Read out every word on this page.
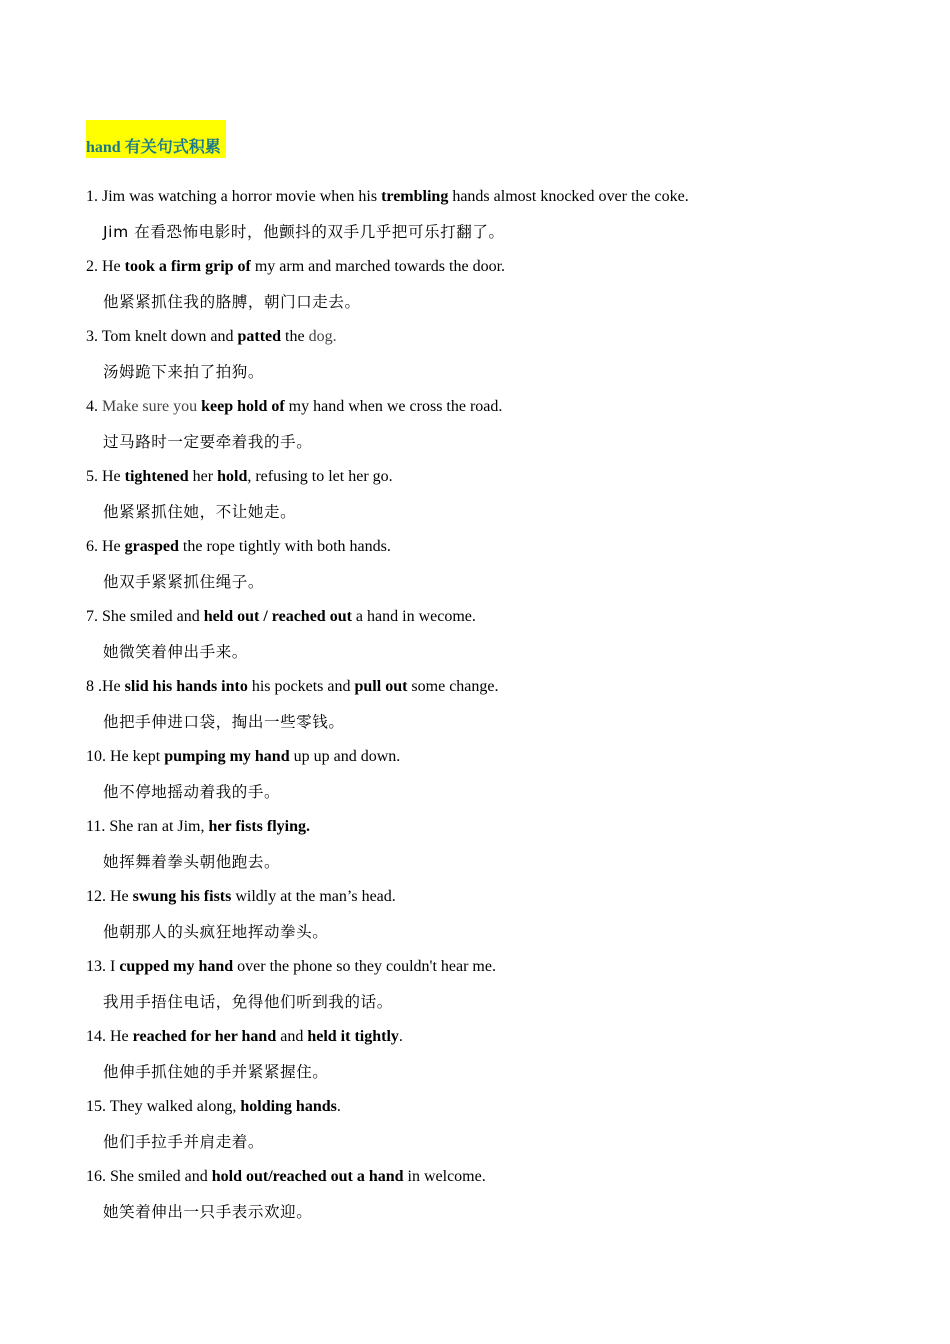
hand 有关句式积累
1. Jim was watching a horror movie when his trembling hands almost knocked over the coke.
Jim 在看恐怖电影时，他颤抖的双手几乎把可乐打翻了。
2. He took a firm grip of my arm and marched towards the door.
他紧紧抓住我的胳膊，朝门口走去。
3. Tom knelt down and patted the dog.
汤姆跪下来拍了拍狗。
4. Make sure you keep hold of my hand when we cross the road.
过马路时一定要牵着我的手。
5. He tightened her hold, refusing to let her go.
他紧紧抓住她，不让她走。
6. He grasped the rope tightly with both hands.
他双手紧紧抓住绳子。
7. She smiled and held out / reached out a hand in wecome.
她微笑着伸出手来。
8 .He slid his hands into his pockets and pull out some change.
他把手伸进口袋，掏出一些零钱。
10. He kept pumping my hand up up and down.
他不停地摇动着我的手。
11. She ran at Jim, her fists flying.
她挥舞着拳头朝他跑去。
12. He swung his fists wildly at the man’s head.
他朝那人的头疯狂地挥动拳头。
13. I cupped my hand over the phone so they couldn't hear me.
我用手捂住电话，免得他们听到我的话。
14. He reached for her hand and held it tightly.
他伸手抓住她的手并紧紧握住。
15. They walked along, holding hands.
他们手拉手并肩走着。
16. She smiled and hold out/reached out a hand in welcome.
她笑着伸出一只手表示欢迎。
